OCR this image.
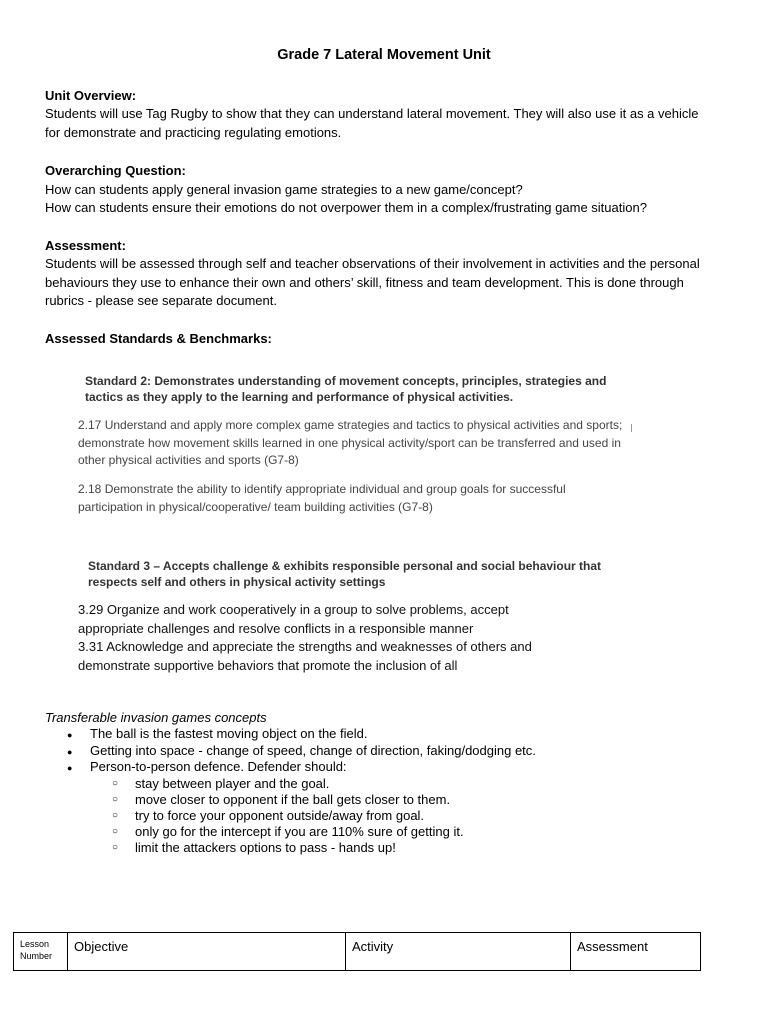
Grade 7 Lateral Movement Unit
Unit Overview:

Students will use Tag Rugby to show that they can understand lateral movement. They will also use it as a vehicle for demonstrate and practicing regulating emotions.

Overarching Question:

How can students apply general invasion game strategies to a new game/concept?

How can students ensure their emotions do not overpower them in a complex/frustrating game situation?

Assessment:

Students will be assessed through self and teacher observations of their involvement in activities and the personal behaviours they use to enhance their own and others’ skill, fitness and team development. This is done through rubrics - please see separate document.

Assessed Standards & Benchmarks:

Standard 2: Demonstrates understanding of movement concepts, principles, strategies and tactics as they apply to the learning and performance of physical activities.

2.17 Understand and apply more complex game strategies and tactics to physical activities and sports; demonstrate how movement skills learned in one physical activity/sport can be transferred and used in other physical activities and sports (G7-8)

2.18 Demonstrate the ability to identify appropriate individual and group goals for successful participation in physical/cooperative/ team building activities (G7-8)

Standard 3 – Accepts challenge & exhibits responsible personal and social behaviour that respects self and others in physical activity settings

3.29 Organize and work cooperatively in a group to solve problems, accept appropriate challenges and resolve conflicts in a responsible manner

3.31 Acknowledge and appreciate the strengths and weaknesses of others and demonstrate supportive behaviors that promote the inclusion of all

Transferable invasion games concepts
● The ball is the fastest moving object on the field.
● Getting into space - change of speed, change of direction, faking/dodging etc.
● Person-to-person defence. Defender should:
○ stay between player and the goal.
○ move closer to opponent if the ball gets closer to them.
○ try to force your opponent outside/away from goal.
○ only go for the intercept if you are 110% sure of getting it.
○ limit the attackers options to pass - hands up!
Lesson Number	Objective	Activity	Assessment
